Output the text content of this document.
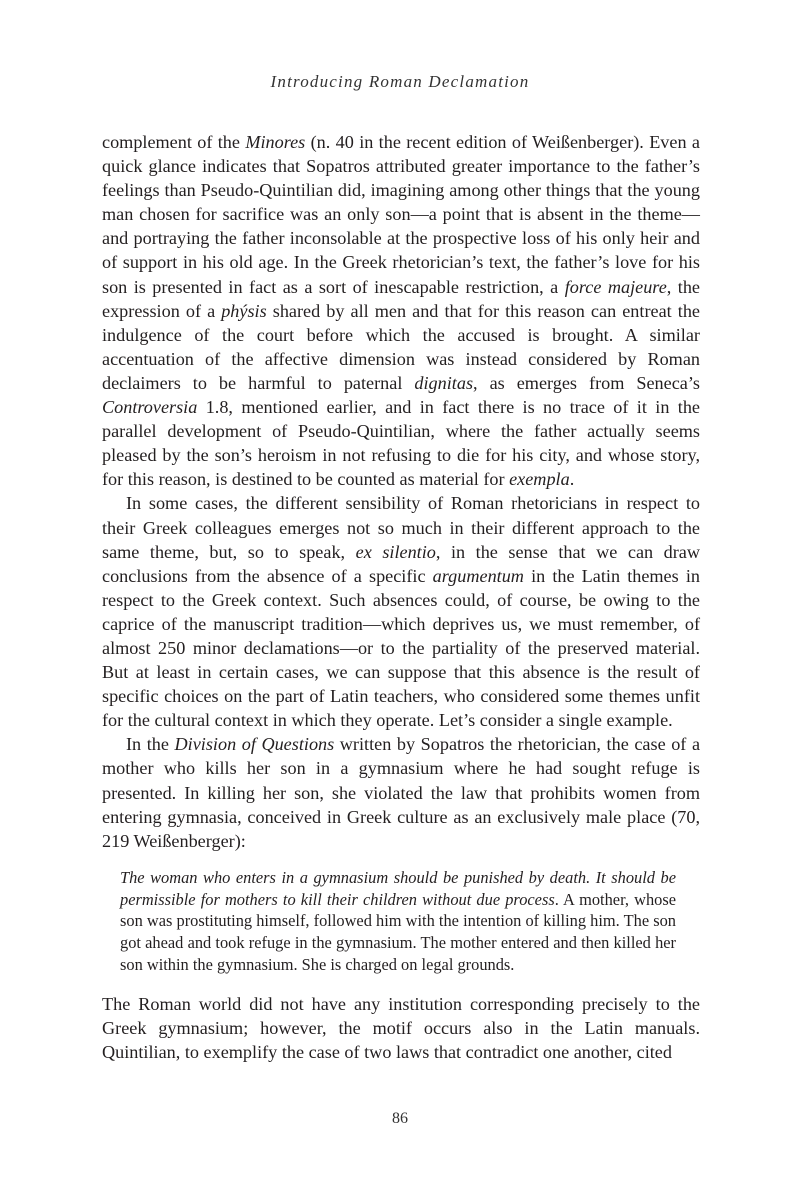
Introducing Roman Declamation

complement of the Minores (n. 40 in the recent edition of Weißenberger). Even a quick glance indicates that Sopatros attributed greater importance to the father’s feelings than Pseudo-Quintilian did, imagining among other things that the young man chosen for sacrifice was an only son—a point that is absent in the theme—and portraying the father inconsolable at the prospective loss of his only heir and of support in his old age. In the Greek rhetorician’s text, the father’s love for his son is presented in fact as a sort of inescapable restriction, a force majeure, the expression of a phýsis shared by all men and that for this reason can entreat the indulgence of the court before which the accused is brought. A similar accentuation of the affective dimension was instead considered by Roman declaimers to be harmful to paternal dignitas, as emerges from Seneca’s Controversia 1.8, mentioned earlier, and in fact there is no trace of it in the parallel development of Pseudo-Quintilian, where the father actually seems pleased by the son’s heroism in not refusing to die for his city, and whose story, for this reason, is destined to be counted as material for exempla.

In some cases, the different sensibility of Roman rhetoricians in respect to their Greek colleagues emerges not so much in their different approach to the same theme, but, so to speak, ex silentio, in the sense that we can draw conclusions from the absence of a specific argumentum in the Latin themes in respect to the Greek context. Such absences could, of course, be owing to the caprice of the manuscript tradition—which deprives us, we must remember, of almost 250 minor declamations—or to the partiality of the preserved material. But at least in certain cases, we can suppose that this absence is the result of specific choices on the part of Latin teachers, who considered some themes unfit for the cultural context in which they operate. Let’s consider a single example.

In the Division of Questions written by Sopatros the rhetorician, the case of a mother who kills her son in a gymnasium where he had sought refuge is presented. In killing her son, she violated the law that prohibits women from entering gymnasia, conceived in Greek culture as an exclusively male place (70, 219 Weißenberger):

The woman who enters in a gymnasium should be punished by death. It should be permissible for mothers to kill their children without due process. A mother, whose son was prostituting himself, followed him with the intention of killing him. The son got ahead and took refuge in the gymnasium. The mother entered and then killed her son within the gymnasium. She is charged on legal grounds.

The Roman world did not have any institution corresponding precisely to the Greek gymnasium; however, the motif occurs also in the Latin manuals. Quintilian, to exemplify the case of two laws that contradict one another, cited

86
